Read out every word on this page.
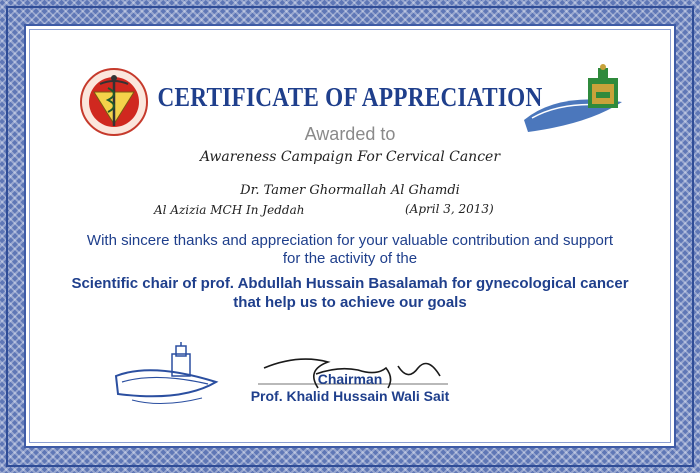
CERTIFICATE OF APPRECIATION
Awarded to
Awareness Campaign For Cervical Cancer
Dr. Tamer Ghormallah Al Ghamdi
Al Azizia MCH In Jeddah	(April 3, 2013)
With sincere thanks and appreciation for your valuable contribution and support
for the activity of the
Scientific chair of prof. Abdullah Hussain Basalamah for gynecological cancer
that help us to achieve our goals
Chairman
Prof. Khalid Hussain Wali Sait
